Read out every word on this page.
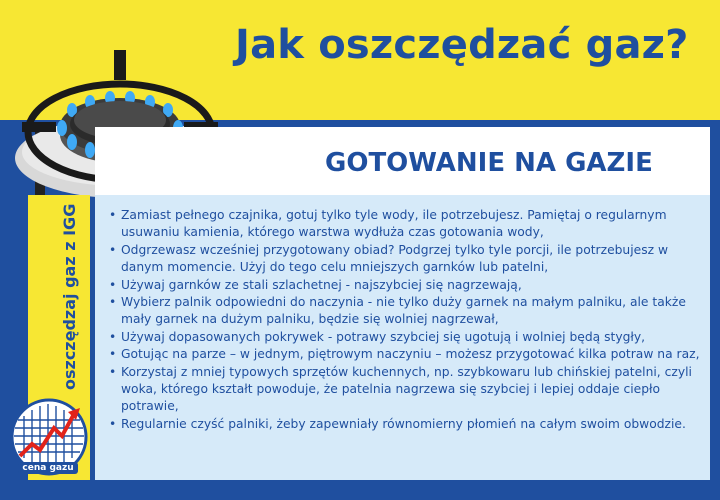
Jak oszczędzać gaz?
GOTOWANIE NA GAZIE
oszczędzaj gaz z IGG
•	Zamiast pełnego czajnika, gotuj tylko tyle wody, ile potrzebujesz. Pamiętaj o regularnym usuwaniu kamienia, którego warstwa wydłuża czas gotowania wody,
• Odgrzewasz wcześniej przygotowany obiad? Podgrzej tylko tyle porcji, ile potrzebujesz w danym momencie. Użyj do tego celu mniejszych garnków lub patelni,
• Używaj garnków ze stali szlachetnej - najszybciej się nagrzewają,
• Wybierz palnik odpowiedni do naczynia - nie tylko duży garnek na małym palniku, ale także mały garnek na dużym palniku, będzie się wolniej nagrzewał,
• Używaj dopasowanych pokrywek - potrawy szybciej się ugotują i wolniej będą stygły,
• Gotując na parze – w jednym, piętrowym naczyniu – możesz przygotować kilka potraw na raz,
• Korzystaj z mniej typowych sprzętów kuchennych, np. szybkowaru lub chińskiej patelni, czyli woka, którego kształt powoduje, że patelnia nagrzewa się szybciej i lepiej oddaje ciepło potrawie,
• Regularnie czyść palniki, żeby zapewniały równomierny płomień na całym swoim obwodzie.
cena gazu
